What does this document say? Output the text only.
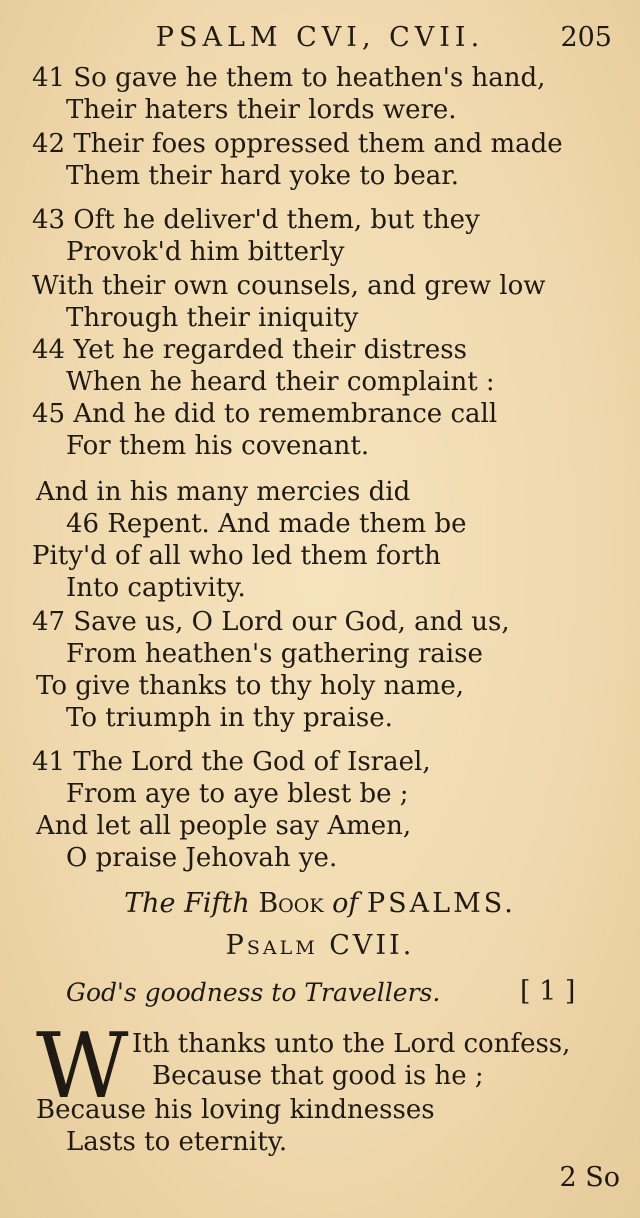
PSALM CVI, CVII.	205
41 So gave he them to heathen's hand,
Their haters their lords were.
42 Their foes oppressed them and made
Them their hard yoke to bear.
43 Oft he deliver'd them, but they
Provok'd him bitterly
With their own counsels, and grew low
Through their iniquity
44 Yet he regarded their distress
When he heard their complaint :
45 And he did to remembrance call
For them his covenant.
And in his many mercies did
46 Repent. And made them be
Pity'd of all who led them forth
Into captivity.
47 Save us, O Lord our God, and us,
From heathen's gathering raise
To give thanks to thy holy name,
To triumph in thy praise.
41 The Lord the God of Israel,
From aye to aye blest be ;
And let all people say Amen,
O praise Jehovah ye.
The Fifth Book of PSALMS.
Psalm CVII.
God's goodness to Travellers.	[ 1 ]
W Ith thanks unto the Lord confess,
Because that good is he ;
Because his loving kindnesses
Lasts to eternity.
2 So
